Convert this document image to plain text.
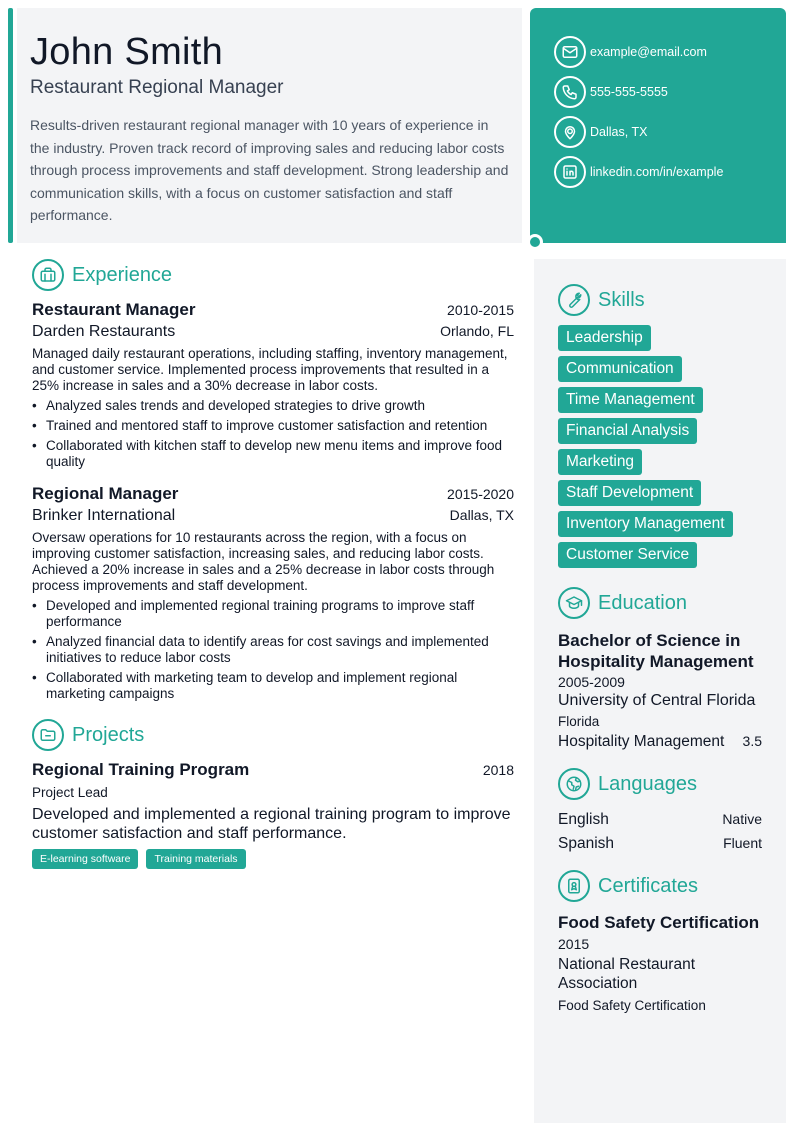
John Smith
Restaurant Regional Manager

Results-driven restaurant regional manager with 10 years of experience in the industry. Proven track record of improving sales and reducing labor costs through process improvements and staff development. Strong leadership and communication skills, with a focus on customer satisfaction and staff performance.

example@email.com
555-555-5555
Dallas, TX
linkedin.com/in/example
Experience
Restaurant Manager	2010-2015
Darden Restaurants	Orlando, FL

Managed daily restaurant operations, including staffing, inventory management, and customer service. Implemented process improvements that resulted in a 25% increase in sales and a 30% decrease in labor costs.

• Analyzed sales trends and developed strategies to drive growth
• Trained and mentored staff to improve customer satisfaction and retention
• Collaborated with kitchen staff to develop new menu items and improve food quality
Regional Manager	2015-2020
Brinker International	Dallas, TX

Oversaw operations for 10 restaurants across the region, with a focus on improving customer satisfaction, increasing sales, and reducing labor costs. Achieved a 20% increase in sales and a 25% decrease in labor costs through process improvements and staff development.

• Developed and implemented regional training programs to improve staff performance
• Analyzed financial data to identify areas for cost savings and implemented initiatives to reduce labor costs
• Collaborated with marketing team to develop and implement regional marketing campaigns
Projects
Regional Training Program	2018
Project Lead

Developed and implemented a regional training program to improve customer satisfaction and staff performance.

E-learning software	Training materials
Skills
Leadership
Communication
Time Management
Financial Analysis
Marketing
Staff Development
Inventory Management
Customer Service
Education
Bachelor of Science in Hospitality Management
2005-2009
University of Central Florida
Florida
Hospitality Management 3.5
Languages
English	Native
Spanish	Fluent
Certificates
Food Safety Certification
2015
National Restaurant Association
Food Safety Certification
